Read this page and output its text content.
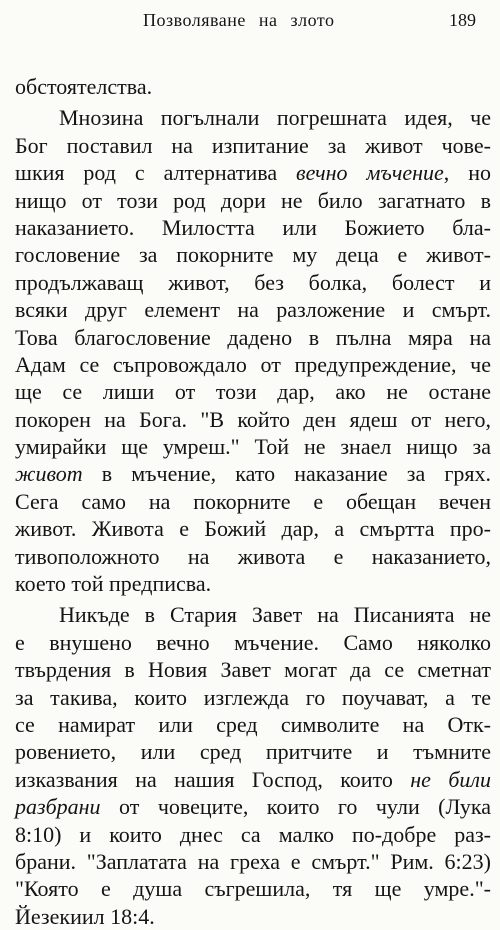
Позволяване на злото	189
обстоятелства.
Мнозина погълнали погрешната идея, че
Бог поставил на изпитание за живот чове-
шкия род с алтернатива вечно мъчение, но
нищо от този род дори не било загатнато в
наказанието. Милостта или Божието бла-
гословение за покорните му деца е живот-
продължаващ живот, без болка, болест и
всяки друг елемент на разложение и смърт.
Това благословение дадено в пълна мяра на
Адам се съпровождало от предупреждение, че
ще се лиши от този дар, ако не остане
покорен на Бога. "В който ден ядеш от него,
умирайки ще умреш." Той не знаел нищо за
живот в мъчение, като наказание за грях.
Сега само на покорните е обещан вечен
живот. Живота е Божий дар, а смъртта про-
тивоположното на живота е наказанието,
което той предписва.
Никъде в Стария Завет на Писанията не
е внушено вечно мъчение. Само няколко
твърдения в Новия Завет могат да се сметнат
за такива, които изглежда го поучават, а те
се намират или сред символите на Отк-
ровението, или сред притчите и тъмните
изказвания на нашия Господ, които не били
разбрани от човеците, които го чули (Лука
8:10) и които днес са малко по-добре раз-
брани. "Заплатата на греха е смърт." Рим. 6:23)
"Която е душа съгрешила, тя ще умре."-
Йезекиил 18:4.
